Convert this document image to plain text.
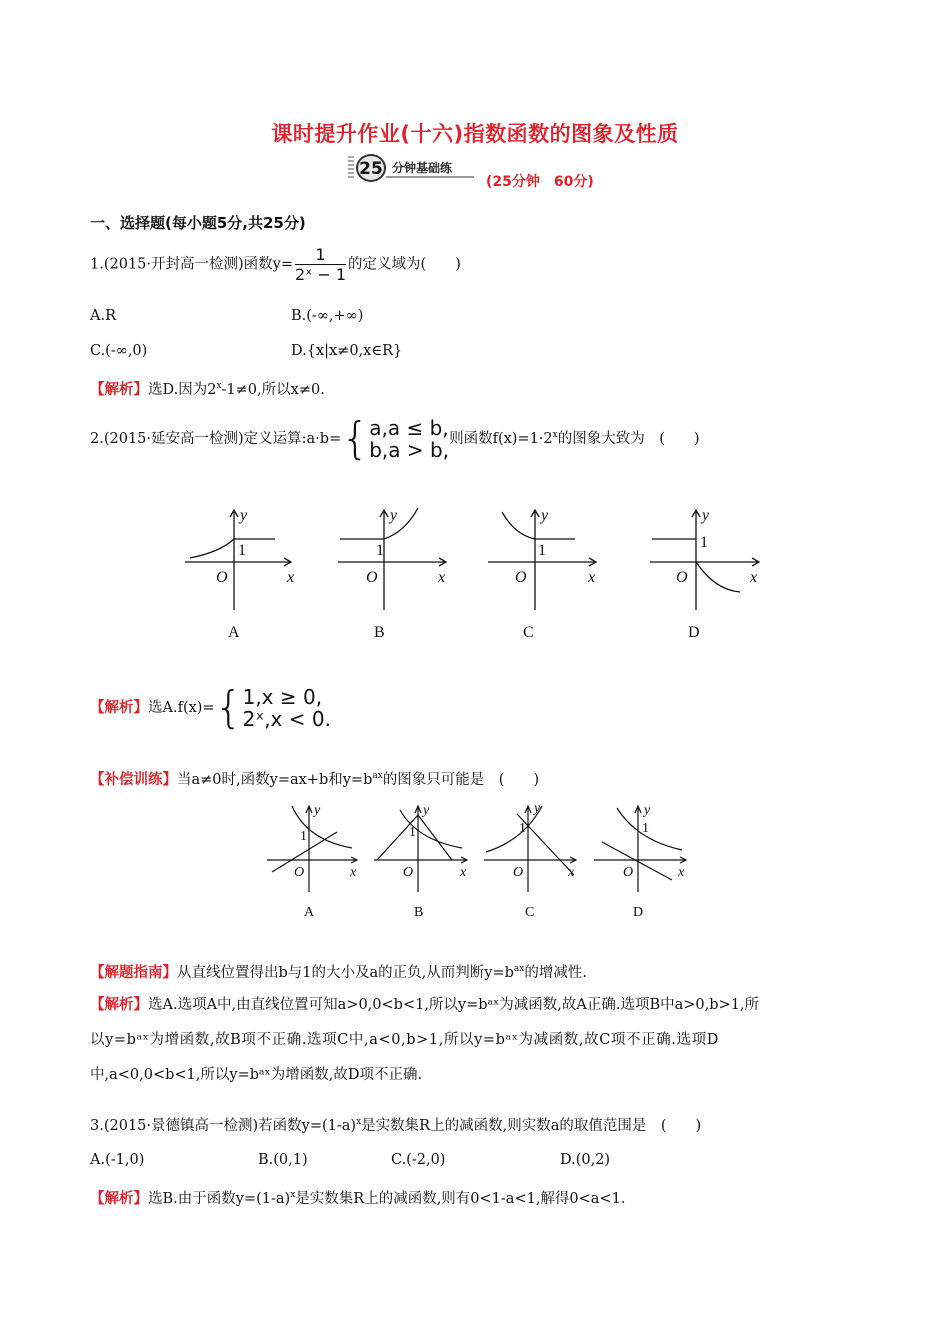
课时提升作业(十六)指数函数的图象及性质
25 分钟基础练
(25分钟　60分)
一、选择题(每小题5分,共25分)
1.(2015·开封高一检测)函数$y= \frac{1}{\text{2ˣ − 1}}$ 的定义域为(　　)
A.R	B.(-∞,+∞)
C.(-∞,0)	D.{x|x≠0,x∈R}
【解析】选D.因为$2^x-1\ne 0$,所以x≠0.
2.(2015·延安高一检测)定义运算:a·b={ a,a ≤ b,
b,a > b, 则函数$f(x)=1\cdot 2^x$的图象大致为　(　　)
y
x
O
y
x
O
y
x
O
y
x
O
1	1	1	1
A	B	C	D
【解析】选A.f(x)={ 1,x ≥ 0,
2ˣ,x < 0.
【补偿训练】当a≠0时,函数y=ax+b和$y=b^{ax}$的图象只可能是　(　　)
y
x
O
y
x
O
y
x
O
y
x
O
1	1	1	1
A	B	C	D
【解题指南】从直线位置得出b与1的大小及a的正负,从而判断$y=b^{ax}$的增减性.
【解析】选A.选项A中,由直线位置可知a>0,0<b<1,所以y=bᵃˣ为减函数,故A正确.选项B中a>0,b>1,所
以y=bᵃˣ为增函数,故B项不正确.选项C中,a<0,b>1,所以y=bᵃˣ为减函数,故C项不正确.选项D
中,a<0,0<b<1,所以y=bᵃˣ为增函数,故D项不正确.
3.(2015·景德镇高一检测)若函数$y=(1-a)^x$是实数集R上的减函数,则实数a的取值范围是　(　　)
A.(-1,0)	B.(0,1)	C.(-2,0)	D.(0,2)
【解析】选B.由于函数$y=(1-a)^x$是实数集R上的减函数,则有0<1-a<1,解得0<a<1.
